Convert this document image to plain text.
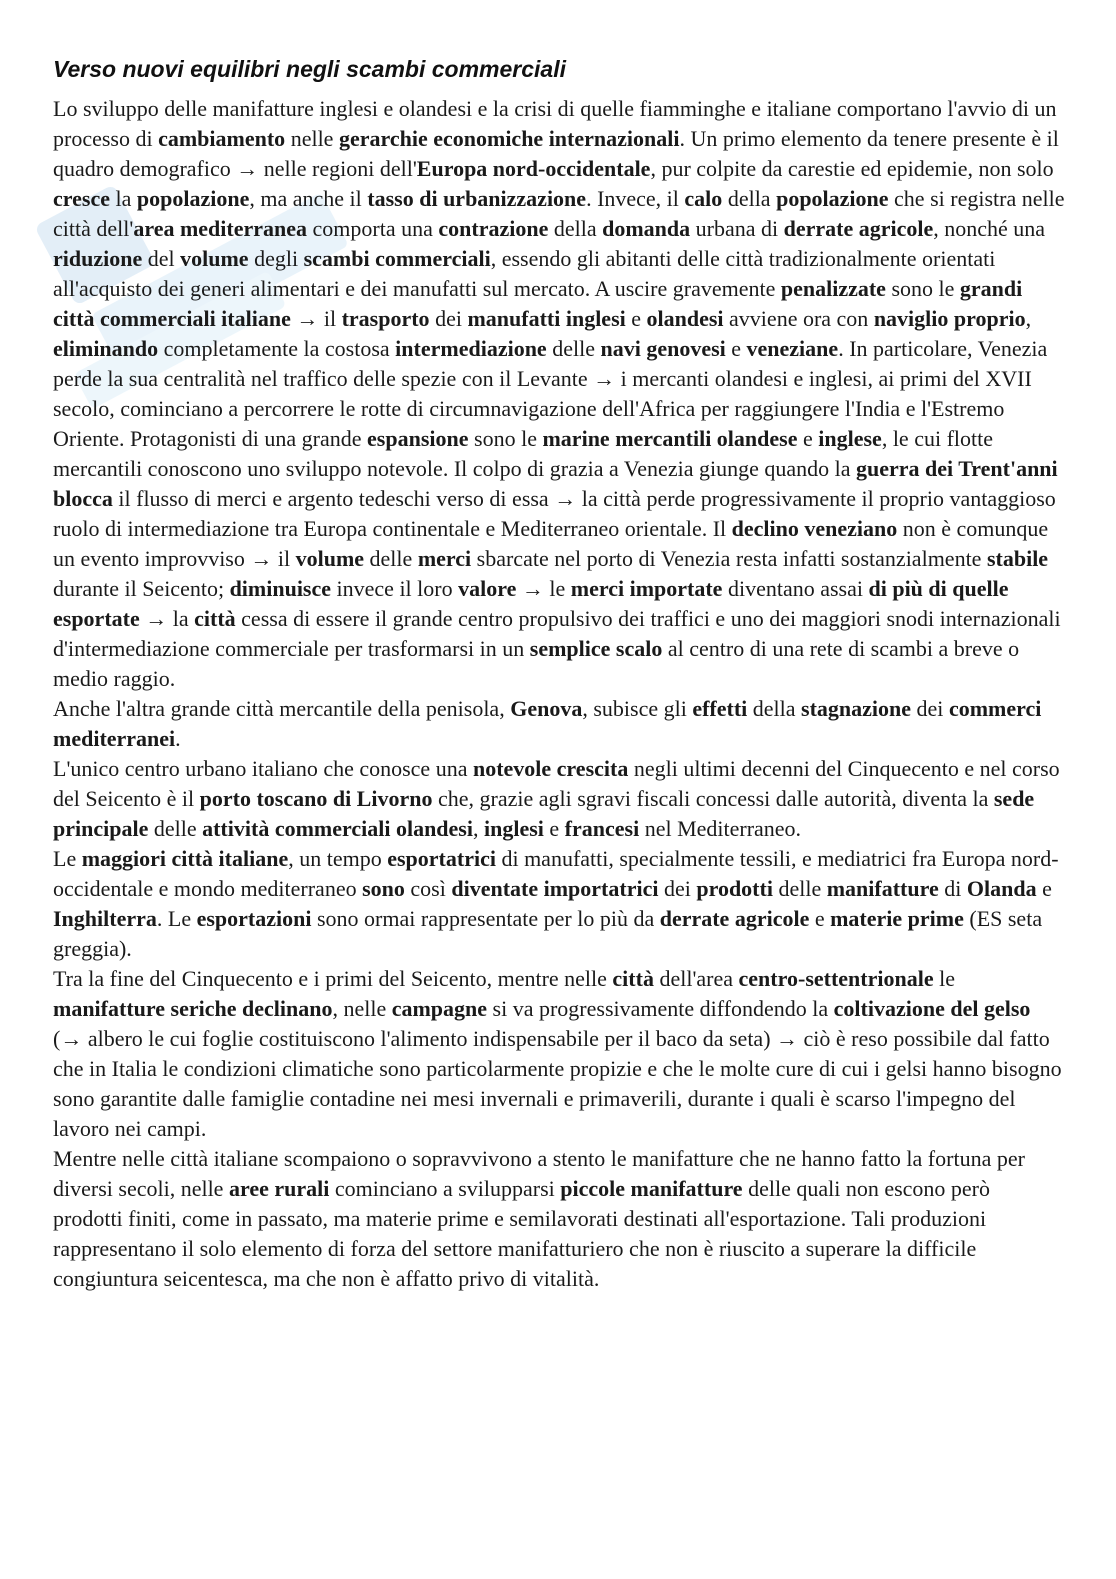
Verso nuovi equilibri negli scambi commerciali

Lo sviluppo delle manifatture inglesi e olandesi e la crisi di quelle fiamminghe e italiane comportano l'avvio di un processo di cambiamento nelle gerarchie economiche internazionali. Un primo elemento da tenere presente è il quadro demografico → nelle regioni dell'Europa nord-occidentale, pur colpite da carestie ed epidemie, non solo cresce la popolazione, ma anche il tasso di urbanizzazione. Invece, il calo della popolazione che si registra nelle città dell'area mediterranea comporta una contrazione della domanda urbana di derrate agricole, nonché una riduzione del volume degli scambi commerciali, essendo gli abitanti delle città tradizionalmente orientati all'acquisto dei generi alimentari e dei manufatti sul mercato. A uscire gravemente penalizzate sono le grandi città commerciali italiane → il trasporto dei manufatti inglesi e olandesi avviene ora con naviglio proprio, eliminando completamente la costosa intermediazione delle navi genovesi e veneziane. In particolare, Venezia perde la sua centralità nel traffico delle spezie con il Levante → i mercanti olandesi e inglesi, ai primi del XVII secolo, cominciano a percorrere le rotte di circumnavigazione dell'Africa per raggiungere l'India e l'Estremo Oriente. Protagonisti di una grande espansione sono le marine mercantili olandese e inglese, le cui flotte mercantili conoscono uno sviluppo notevole. Il colpo di grazia a Venezia giunge quando la guerra dei Trent'anni blocca il flusso di merci e argento tedeschi verso di essa → la città perde progressivamente il proprio vantaggioso ruolo di intermediazione tra Europa continentale e Mediterraneo orientale. Il declino veneziano non è comunque un evento improvviso → il volume delle merci sbarcate nel porto di Venezia resta infatti sostanzialmente stabile durante il Seicento; diminuisce invece il loro valore → le merci importate diventano assai di più di quelle esportate → la città cessa di essere il grande centro propulsivo dei traffici e uno dei maggiori snodi internazionali d'intermediazione commerciale per trasformarsi in un semplice scalo al centro di una rete di scambi a breve o medio raggio.

Anche l'altra grande città mercantile della penisola, Genova, subisce gli effetti della stagnazione dei commerci mediterranei.

L'unico centro urbano italiano che conosce una notevole crescita negli ultimi decenni del Cinquecento e nel corso del Seicento è il porto toscano di Livorno che, grazie agli sgravi fiscali concessi dalle autorità, diventa la sede principale delle attività commerciali olandesi, inglesi e francesi nel Mediterraneo.

Le maggiori città italiane, un tempo esportatrici di manufatti, specialmente tessili, e mediatrici fra Europa nord-occidentale e mondo mediterraneo sono così diventate importatrici dei prodotti delle manifatture di Olanda e Inghilterra. Le esportazioni sono ormai rappresentate per lo più da derrate agricole e materie prime (ES seta greggia).

Tra la fine del Cinquecento e i primi del Seicento, mentre nelle città dell'area centro-settentrionale le manifatture seriche declinano, nelle campagne si va progressivamente diffondendo la coltivazione del gelso (→ albero le cui foglie costituiscono l'alimento indispensabile per il baco da seta) → ciò è reso possibile dal fatto che in Italia le condizioni climatiche sono particolarmente propizie e che le molte cure di cui i gelsi hanno bisogno sono garantite dalle famiglie contadine nei mesi invernali e primaverili, durante i quali è scarso l'impegno del lavoro nei campi.

Mentre nelle città italiane scompaiono o sopravvivono a stento le manifatture che ne hanno fatto la fortuna per diversi secoli, nelle aree rurali cominciano a svilupparsi piccole manifatture delle quali non escono però prodotti finiti, come in passato, ma materie prime e semilavorati destinati all'esportazione. Tali produzioni rappresentano il solo elemento di forza del settore manifatturiero che non è riuscito a superare la difficile congiuntura seicentesca, ma che non è affatto privo di vitalità.
